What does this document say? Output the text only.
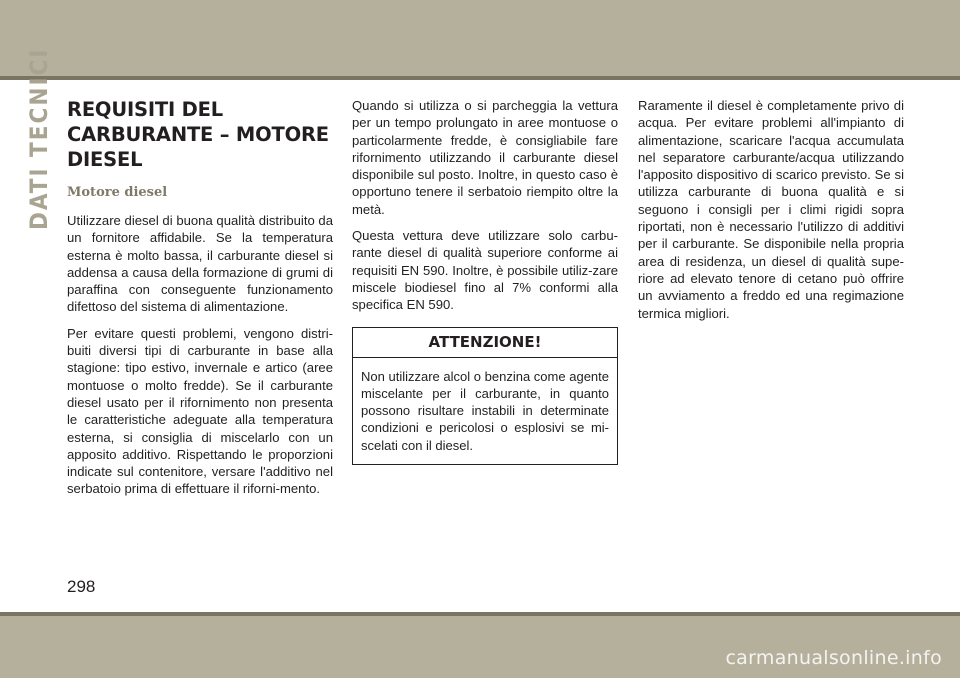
DATI TECNICI REQUISITI DEL
CARBURANTE – MOTORE
DIESEL
Motore diesel

Utilizzare diesel di buona qualità distribuito da un fornitore affidabile. Se la temperatura esterna è molto bassa, il carburante diesel si addensa a causa della formazione di grumi di paraffina con conseguente funzionamento difettoso del sistema di alimentazione.

Per evitare questi problemi, vengono distri-buiti diversi tipi di carburante in base alla stagione: tipo estivo, invernale e artico (aree montuose o molto fredde). Se il carburante diesel usato per il rifornimento non presenta le caratteristiche adeguate alla temperatura esterna, si consiglia di miscelarlo con un apposito additivo. Rispettando le proporzioni indicate sul contenitore, versare l'additivo nel serbatoio prima di effettuare il riforni-mento.

Quando si utilizza o si parcheggia la vettura per un tempo prolungato in aree montuose o particolarmente fredde, è consigliabile fare rifornimento utilizzando il carburante diesel disponibile sul posto. Inoltre, in questo caso è opportuno tenere il serbatoio riempito oltre la metà.

Questa vettura deve utilizzare solo carbu-rante diesel di qualità superiore conforme ai requisiti EN 590. Inoltre, è possibile utiliz-zare miscele biodiesel fino al 7% conformi alla specifica EN 590.

ATTENZIONE!

Non utilizzare alcol o benzina come agente miscelante per il carburante, in quanto possono risultare instabili in determinate condizioni e pericolosi o esplosivi se mi-scelati con il diesel.

Raramente il diesel è completamente privo di acqua. Per evitare problemi all'impianto di alimentazione, scaricare l'acqua accumulata nel separatore carburante/acqua utilizzando l'apposito dispositivo di scarico previsto. Se si utilizza carburante di buona qualità e si seguono i consigli per i climi rigidi sopra riportati, non è necessario l'utilizzo di additivi per il carburante. Se disponibile nella propria area di residenza, un diesel di qualità supe-riore ad elevato tenore di cetano può offrire un avviamento a freddo ed una regimazione termica migliori.

298
carmanualsonline.info
